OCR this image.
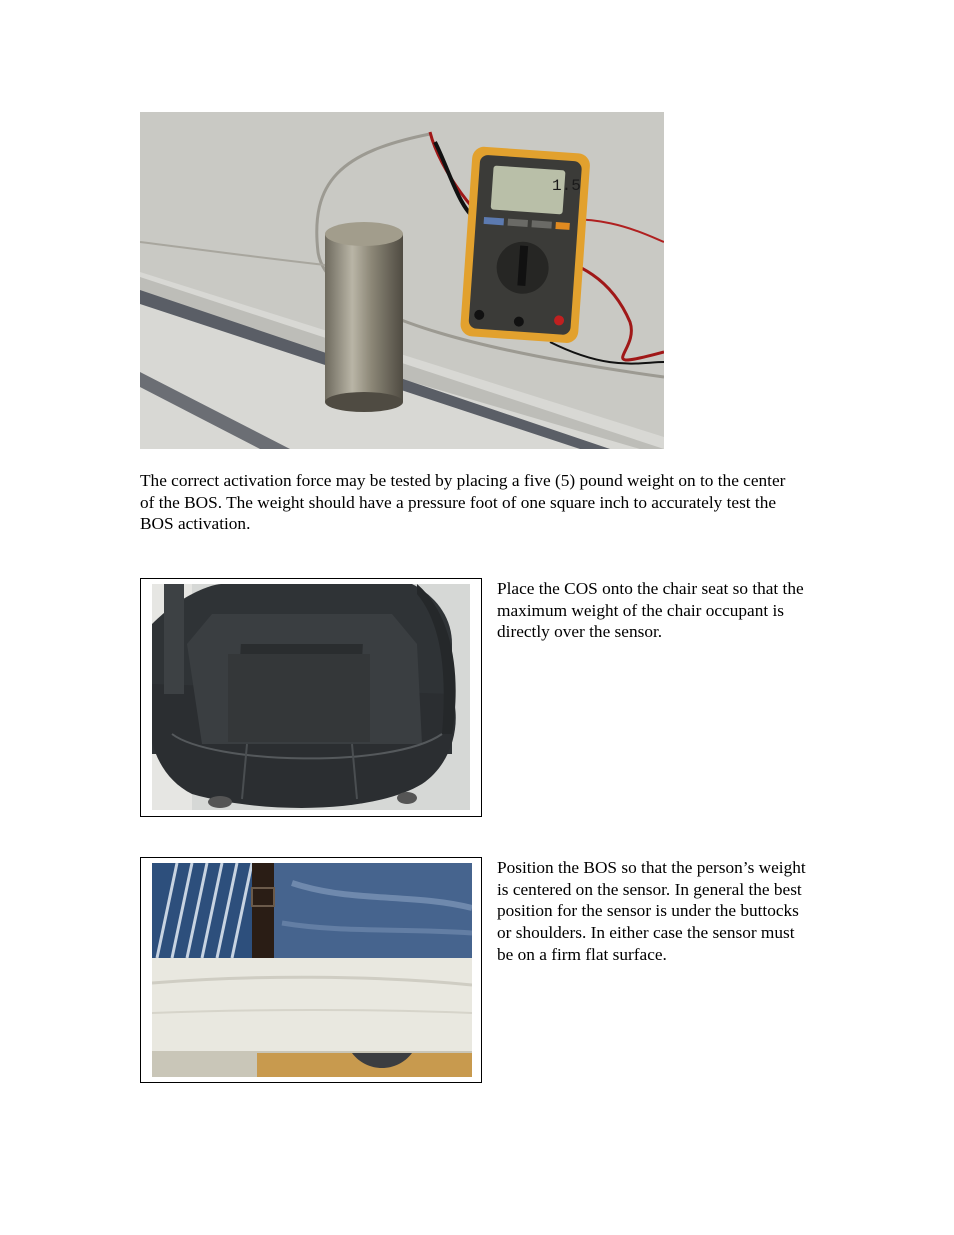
1.5

The correct activation force may be tested by placing a five (5) pound weight on to the center of the BOS. The weight should have a pressure foot of one square inch to accurately test the BOS activation.

Place the COS onto the chair seat so that the maximum weight of the chair occupant is directly over the sensor.

Position the BOS so that the person’s weight is centered on the sensor. In general the best position for the sensor is under the buttocks or shoulders. In either case the sensor must be on a firm flat surface.
